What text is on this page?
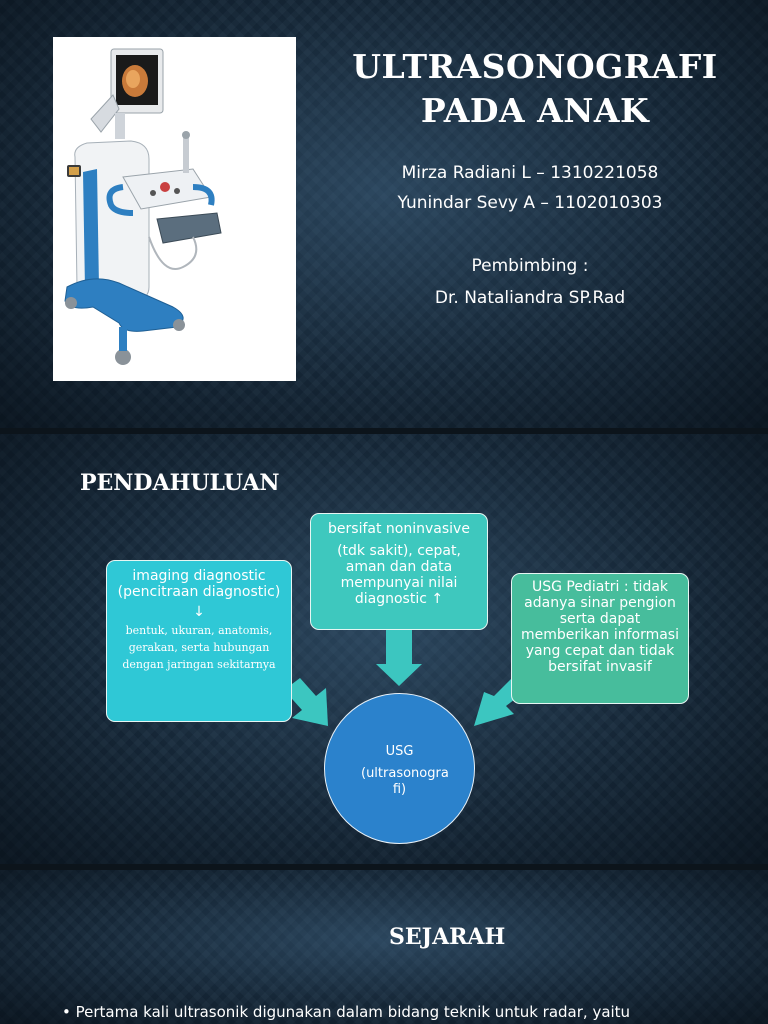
ULTRASONOGRAFI
PADA ANAK
Mirza Radiani L – 1310221058
Yunindar Sevy A – 1102010303
Pembimbing :
Dr. Nataliandra SP.Rad
PENDAHULUAN
imaging diagnostic (pencitraan diagnostic)
↓
bentuk, ukuran, anatomis, gerakan, serta hubungan dengan jaringan sekitarnya
bersifat noninvasive
(tdk sakit), cepat, aman dan data mempunyai nilai diagnostic ↑
USG Pediatri : tidak adanya sinar pengion serta dapat memberikan informasi yang cepat dan tidak bersifat invasif
USG
(ultrasonogra fi)
SEJARAH
• Pertama kali ultrasonik digunakan dalam bidang teknik untuk radar, yaitu
